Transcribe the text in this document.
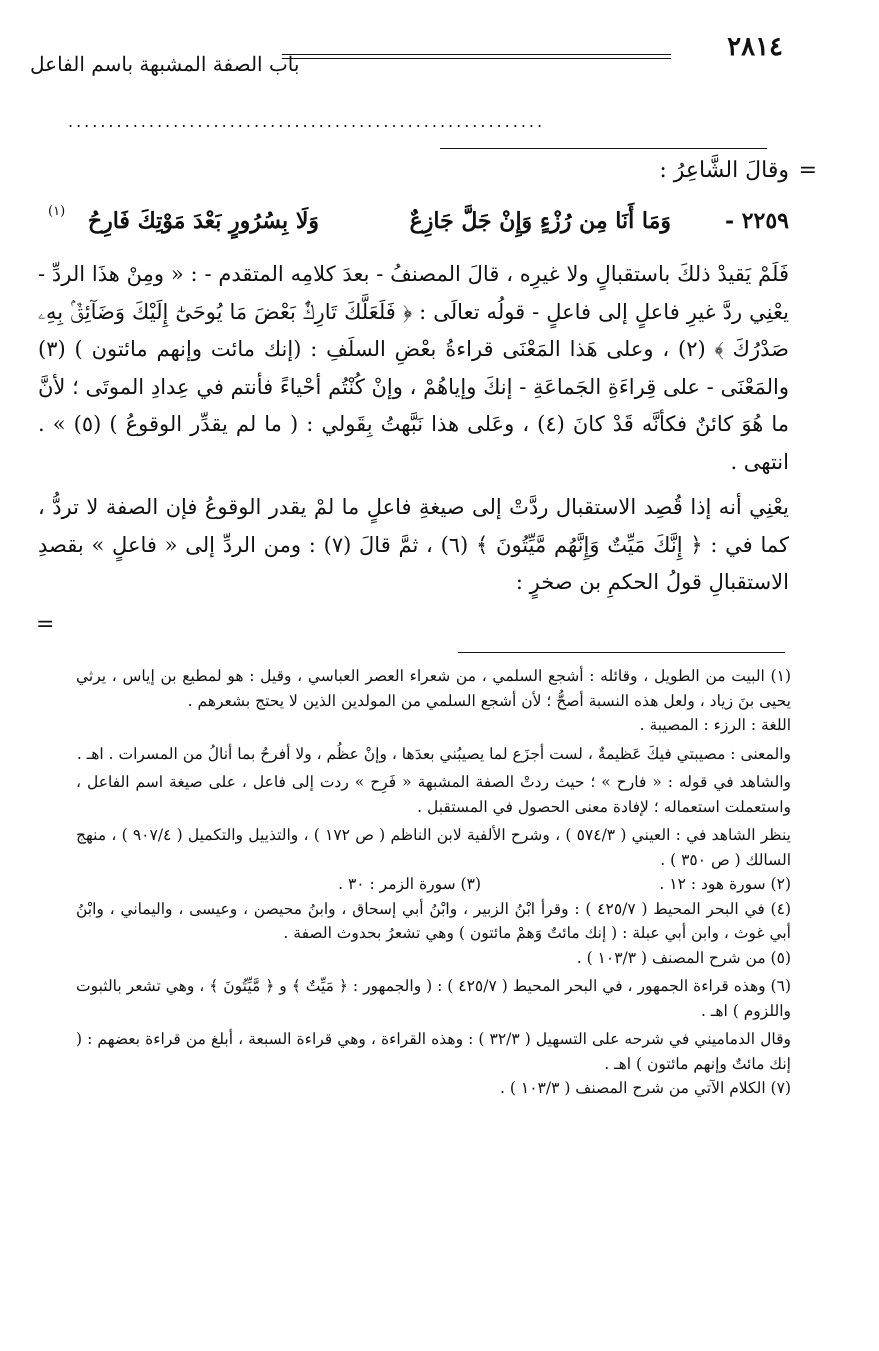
٢٨١٤
باب الصفة المشبهة باسم الفاعل
...........................................................
=
وقالَ الشَّاعِرُ :
٢٢٥٩ -
وَمَا أَنَا مِن رُزْءٍ وَإِنْ جَلَّ جَازِعٌ
وَلَا بِسُرُورٍ بَعْدَ مَوْتِكَ فَارِحُ
(١)

فَلَمْ يَقيدْ ذلكَ باستقبالٍ ولا غيرِه ، قالَ المصنفُ - بعدَ كلامِه المتقدم - : « ومِنْ هذَا الردِّ - يعْنِي ردَّ غيرِ فاعلٍ إلى فاعلٍ - قولُه تعالَى : ﴿ فَلَعَلَّكَ تَارِكٌۢ بَعْضَ مَا يُوحَىٰٓ إِلَيْكَ وَضَآئِقٌۢ بِهِۦ صَدْرُكَ ﴾ (٢) ، وعلى هَذا المَعْنَى قراءةُ بعْضِ السلَفِ : (إنك مائت وإنهم مائتون ) (٣) والمَعْنَى - على قِراءَةِ الجَماعَةِ - إنكَ وإياهُمْ ، وإنْ كُنْتُم أحْياءً فأنتم في عِدادِ الموتَى ؛ لأنَّ ما هُوَ كائنٌ فكأنَّه قَدْ كانَ (٤) ، وعَلى هذا نَبَّهتُ بِقَولي : ( ما لم يقدِّر الوقوعُ ) (٥) » . انتهى .

يعْنِي أنه إذا قُصِد الاستقبال ردَّتْ إلى صيغةِ فاعلٍ ما لمْ يقدر الوقوعُ فإن الصفة لا تردُّ ، كما في : ﴿ إِنَّكَ مَيِّتٌ وَإِنَّهُم مَّيِّتُونَ ﴾ (٦) ، ثمَّ قالَ (٧) : ومن الردِّ إلى « فاعلٍ » بقصدِ الاستقبالِ قولُ الحكمِ بن صخرٍ :

=

(١) البيت من الطويل ، وقائله : أشجع السلمي ، من شعراء العصر العباسي ، وقيل : هو لمطيع بن إياس ، يرثي يحيى بنَ زياد ، ولعل هذه النسبة أصحُّ ؛ لأن أشجع السلمي من المولدين الذين لا يحتج بشعرهم .

اللغة : الرزء : المصيبة .

والمعنى : مصيبتي فيكَ عَظيمةٌ ، لست أجزَع لما يصيبُني بعدَها ، وإنْ عظُم ، ولا أفرحُ بما أنالُ من المسرات . اهـ .

والشاهد في قوله : « فارح » ؛ حيث ردتْ الصفة المشبهة « فَرِح » ردت إلى فاعل ، على صيغة اسم الفاعل ، واستعملت استعماله ؛ لإفادة معنى الحصول في المستقبل .

ينظر الشاهد في : العيني ( ٥٧٤/٣ ) ، وشرح الألفية لابن الناظم ( ص ١٧٢ ) ، والتذييل والتكميل ( ٩٠٧/٤ ) ، منهج السالك ( ص ٣٥٠ ) .

(٢) سورة هود : ١٢ .
(٣) سورة الزمر : ٣٠ .

(٤) في البحر المحيط ( ٤٢٥/٧ ) : وقرأ ابْنُ الزبير ، وابْنُ أبي إسحاق ، وابنُ محيصن ، وعيسى ، واليماني ، وابْنُ أبي غوث ، وابن أبي عبلة : ( إنك مائتٌ وَهمْ مائتون ) وهي تشعرُ بحدوث الصفة .

(٥) من شرح المصنف ( ١٠٣/٣ ) .

(٦) وهذه قراءة الجمهور ، في البحر المحيط ( ٤٢٥/٧ ) : ( والجمهور : ﴿ مَيِّتٌ ﴾ و ﴿ مَّيِّتُونَ ﴾ ، وهي تشعر بالثبوت واللزوم ) اهـ .

وقال الدماميني في شرحه على التسهيل ( ٣٢/٣ ) : وهذه القراءة ، وهي قراءة السبعة ، أبلغ من قراءة بعضهم : ( إنك مائتٌ وإنهم مائتون ) اهـ .

(٧) الكلام الآتي من شرح المصنف ( ١٠٣/٣ ) .
